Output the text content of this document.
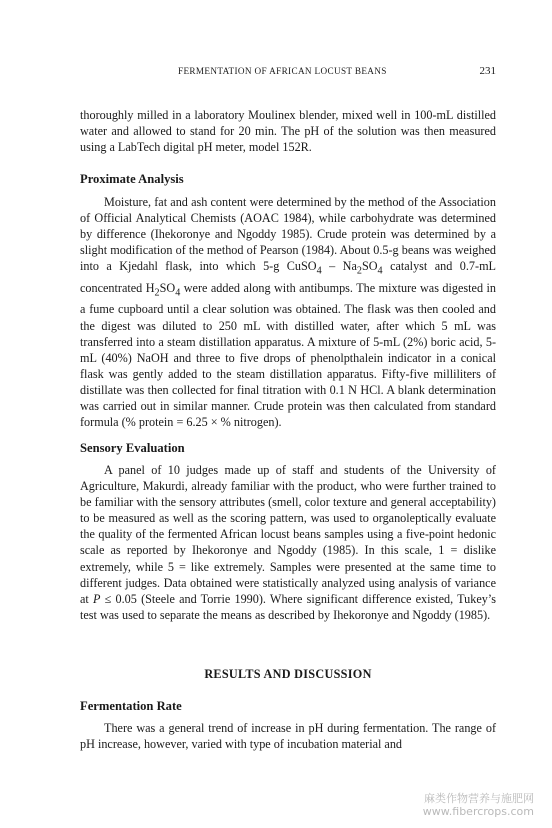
FERMENTATION OF AFRICAN LOCUST BEANS	231

thoroughly milled in a laboratory Moulinex blender, mixed well in 100-mL distilled water and allowed to stand for 20 min. The pH of the solution was then measured using a LabTech digital pH meter, model 152R.

Proximate Analysis

Moisture, fat and ash content were determined by the method of the Association of Official Analytical Chemists (AOAC 1984), while carbohydrate was determined by difference (Ihekoronye and Ngoddy 1985). Crude protein was determined by a slight modification of the method of Pearson (1984). About 0.5-g beans was weighed into a Kjedahl flask, into which 5-g CuSO$_4$ – $Na_2SO_4$ catalyst and 0.7-mL concentrated $H_2SO_4$ were added along with antibumps. The mixture was digested in a fume cupboard until a clear solution was obtained. The flask was then cooled and the digest was diluted to 250 mL with distilled water, after which 5 mL was transferred into a steam distillation apparatus. A mixture of 5-mL (2%) boric acid, 5-mL (40%) NaOH and three to five drops of phenolpthalein indicator in a conical flask was gently added to the steam distillation apparatus. Fifty-five milliliters of distillate was then collected for final titration with 0.1 N HCl. A blank determination was carried out in similar manner. Crude protein was then calculated from standard formula (% protein = 6.25 × % nitrogen).

Sensory Evaluation

A panel of 10 judges made up of staff and students of the University of Agriculture, Makurdi, already familiar with the product, who were further trained to be familiar with the sensory attributes (smell, color texture and general acceptability) to be measured as well as the scoring pattern, was used to organoleptically evaluate the quality of the fermented African locust beans samples using a five-point hedonic scale as reported by Ihekoronye and Ngoddy (1985). In this scale, 1 = dislike extremely, while 5 = like extremely. Samples were presented at the same time to different judges. Data obtained were statistically analyzed using analysis of variance at P ≤ 0.05 (Steele and Torrie 1990). Where significant difference existed, Tukey’s test was used to separate the means as described by Ihekoronye and Ngoddy (1985).

RESULTS AND DISCUSSION
Fermentation Rate

There was a general trend of increase in pH during fermentation. The range of pH increase, however, varied with type of incubation material and

麻类作物营养与施肥网
www.fibercrops.com
